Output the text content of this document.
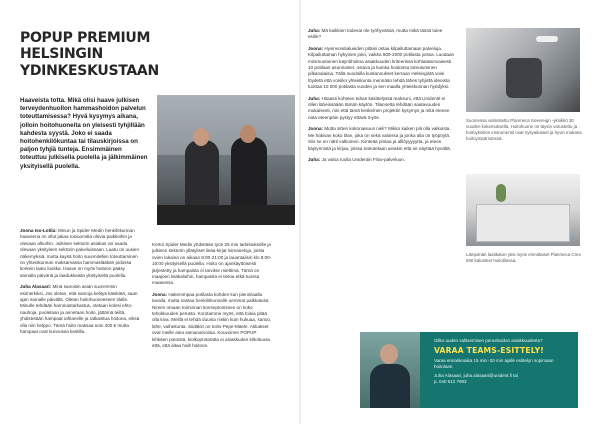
POPUP PREMIUM
HELSINGIN YDINKESKUSTAAN

Haaveista totta. Mikä olisi haave julkisen terveydenhuollon hammashoidon palvelun toteuttamisessa? Hyvä kysymys aikana, jolloin hoitohuoneita on yleisesti tyhjillään kahdesta syystä. Joko ei saada hoitohenkilökuntaa tai tilauskirjoissa on paljon tyhjiä tunteja. Ensimmäinen toteuttuu julkisella puolella ja jälkimmäinen yksityisellä puolella.

Joona Iso-Lotila: Minun ja Spider Medin henkilökunnan haaveena on ollut jakaa tosiuomitta olevia paikkoihin ja olevaan alkoihin. Julkisen sektorin asiakas voi saada olevaan yksityisen sektorin palveluissaan. Laatu on uusien näkemyksiä, mutta kaysä hoito suunnitellen toteuttaminen on yhteiskunnan maksamassa hammaslääkäri pidossa korkein laatu luokka. Haave on myös hoitoon pääsy samalla päivänä ja laadukkaista yksityisellä puolella.

Juha Alasaari: Minä sanoisin asian suoremmin esimerkiksi. Jos oletan, että samoja kelityä käsikätä, saan ajan samalle päivällä. Oletan hoitohuoneeseen tilalle. Minulle tehdään hammastarkastus, otetaan kolesi ehto-nauhoja, puoletaan ja annetaan hoito, jättämä teiltä, yhdistetään hampaat uthlanelle ja ratkaistua hoitona, eiksä olla niin helppo. Tämä hoito maksaa noin 400 € mutta hampaat ovat kunnossa kestilla.

Kertoi Spider Medin yhdistään tyon 25 min tarkistukselle ja julkisen sektorin yllätyliset lisäa-kirjat loimaneloja, joista ovien lakaina on aikaan 8:00-21:00 ja lauantaiisin klo 8:00-16:00 yksityisellä puolella. Hoito on ajankäyttöisesti järjestetty ja hampaista ei tarvitse miettimä. Tämä on maajoen lisäkaloihin, hampaista ei tietoa etkä tuossa maasessa.

Joona: Hakemmpaa potilasta kohden kun pieninlaalla tavalla, mutta nastaa henkilökunnalle uemmat palkkatulot. Nimen omaan toiminnan konseptoiminen on koko tehokkuuden perusta. Korotamme myös, että toisia pitää olla kiva. Meillä ei tehdä duunia niskin kuin hukuaa, sanoo, lähe, vaiheitunta. Siidäkin on toimi Pepe-Mäele. Akkakset ovat meille aina samanarvoisia. Kouvoinen POPUP kihkäen potoistä, kiolkoprotetatta ei asiakkuden kiltoituusa että, että aitaa hailt hoitoon.

Juha: Mä kaikkien todevat ole työhyvässä, mutta mikä tässä tulee esille?

Joona: Hyvinvointialueiden pitäisi ostaa kilpailuttamaan palveluja. Kilpailuttaman hykyinen joko, vaikka 500-2000 potilasta joissa. Luodaan minimuotoinen käyntihoitoa asiakkuuden kriteerissä kohtalaisinvaisesti 10 potilaan asunnaiset, ostava ja kuinka hoidossa toteutuminen pilkanalaisia. Tällä suodoilla kustannukset kerraan Helsingistä voisi löydetä että voisiko yhteiskunta mennään tehdä lähes tyhjistä ideoista tuottaa 10 000 potilasta vuoden ja sen maalla yhteiskunnan hyödyksi.

Juha: Hitaasti kohteen tahan käsittelyssä maksuni, että Unidentit ei ollen läheissäään tämän käytön. Tilannetta tehdään saatavuuden mukaisesti, niin että tämä keskeinen projektin kysymys ja mitä etenee nata eteenpäin pystyy ettävä myös.

Joona: Mutta sitten kokonaisuus nieli? Mikko kaiken piti olla valkoista. Me hakivan koko tilan, joka on sekä valoissa ja jonka alla on työpöytä. Siis se on nätti valkoinen. Kiinteää pintaa ja alllöyyyyytta, ja eteen käytynnistä ja kirjaa, joissa toteutetaan ainakin että se näyttää hyvältä.

Juha: Ja valoa tuolla Unidentin Flow-palveluun.

Suomessa valmistettu Planmeca Sovereign -yksikkö 30 vuoden kokemuksella. Hoitohuone on täysin varustettu ja hoitoyksikön instrumentit ovat nykyaikaiset ja hyvin mukana hoitoympäristössä.

Lämpimän laatikaton yksi myös erimittaiset Planmeca Creo 650 kalusteet hoitotilassa.

Oliko uuden valitsemisen perushoidon asiakkuudesta?
VARAA TEAMS-ESITTELY!
Varaa ennakkoaika 15 min -20 min ajalle esittelyn sopimaan hoitolaan.
Juha Alasaari, juha.alasaari@unident.fi tai
p. 040 512 7983
